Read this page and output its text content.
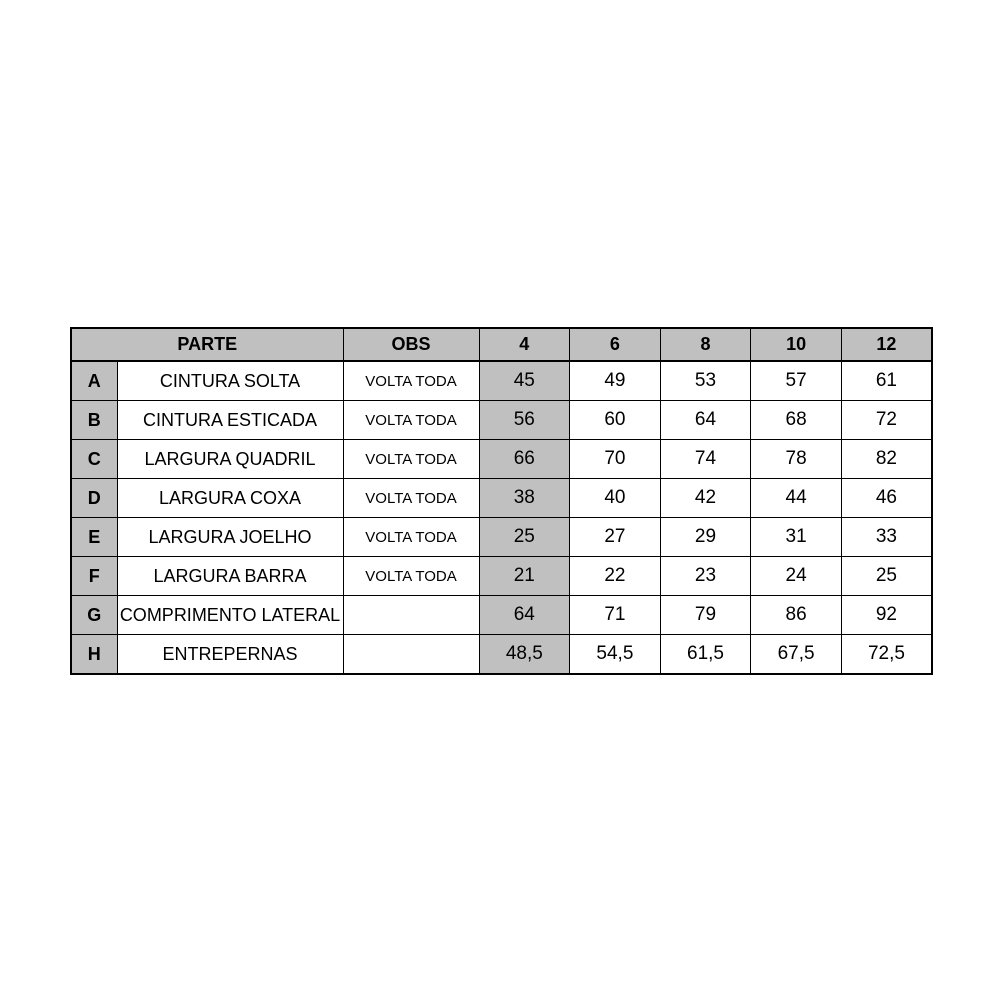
PARTE		OBS	4	6	8	10	12
A	CINTURA SOLTA	VOLTA TODA	45	49	53	57	61
B	CINTURA ESTICADA	VOLTA TODA	56	60	64	68	72
C	LARGURA QUADRIL	VOLTA TODA	66	70	74	78	82
D	LARGURA COXA	VOLTA TODA	38	40	42	44	46
E	LARGURA JOELHO	VOLTA TODA	25	27	29	31	33
F	LARGURA BARRA	VOLTA TODA	21	22	23	24	25
G	COMPRIMENTO LATERAL		64	71	79	86	92
H	ENTREPERNAS		48,5	54,5	61,5	67,5	72,5
